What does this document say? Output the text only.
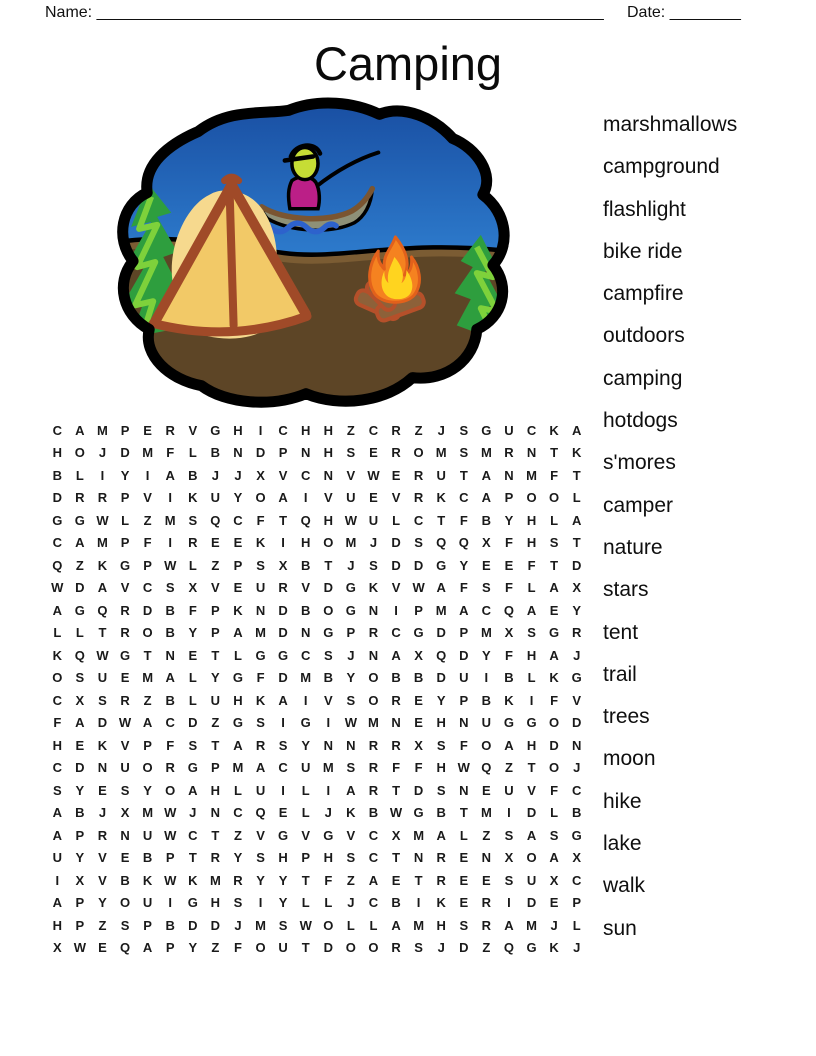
Name: _________________________________________________________ Date: ________
Camping
C	A M P	E	R	V	G H	I	C	H	H	Z	C	R	Z	J	S	G U	C	K	A
H O	J	D M	F	L	B	N	D	P	N	H	S	E	R O M S M R	N	T	K
B	L	I	Y	I	A	B	J	J	X	V	C	N	V W E	R	U	T	A	N M	F	T
D	R	R	P	V	I	K	U	Y	O A	I	V	U	E	V	R	K	C	A	P	O O	L
G G W L	Z	M S	Q C	F	T	Q H W U	L	C	T	F	B	Y	H	L	A
C	A M P	F	I	R	E	E	K	I	H O M	J	D	S	Q Q	X	F	H	S	T
Q	Z	K G	P W L	Z	P	S	X	B	T	J	S	D	D G	Y	E	E	F	T	D
W D	A	V	C	S	X	V	E	U	R	V	D G K	V W A	F	S	F	L	A	X
A G Q R	D	B	F	P	K	N	D	B O G N	I	P M A	C Q A	E	Y
L	L	T	R O B	Y	P	A M D	N G	P	R	C G D	P M X	S	G R
K Q W G	T	N	E	T	L	G G C	S	J	N	A	X	Q D	Y	F	H	A	J
O	S	U	E M A	L	Y	G	F	D M B	Y	O B	B	D	U	I	B	L	K G
C	X	S	R	Z	B	L	U	H	K	A	I	V	S	O R	E	Y	P	B	K	I	F	V
F	A	D W A	C	D	Z	G	S	I	G	I	W M N	E	H	N	U G G O D
H	E	K	V	P	F	S	T	A	R	S	Y	N	N	R	R	X	S	F	O A	H	D	N
C	D	N	U O R G	P M A	C	U M S	R	F	F	H W Q	Z	T	O	J
S	Y	E	S	Y	O A	H	L	U	I	L	I	A	R	T	D	S	N	E	U	V	F	C
A	B	J	X M W J	N	C Q	E	L	J	K	B W G B	T	M	I	D	L	B
A	P	R	N	U W C	T	Z	V	G	V	G	V	C	X M A	L	Z	S	A	S	G
U	Y	V	E	B	P	T	R	Y	S	H	P	H	S	C	T	N	R	E	N	X	O A	X
I	X	V	B	K W K M R	Y	Y	T	F	Z	A	E	T	R	E	E	S	U	X	C
A	P	Y	O U	I	G H	S	I	Y	L	L	J	C	B	I	K	E	R	I	D	E	P
H	P	Z	S	P	B	D	D	J	M S W O	L	L	A M H	S	R	A M	J	L
X W E	Q A	P	Y	Z	F	O U	T	D O O R	S	J	D	Z	Q G K	J
marshmallows
campground
flashlight
bike ride
campfire
outdoors
camping
hotdogs
s'mores
camper
nature
stars
tent
trail
trees
moon
hike
lake
walk
sun
